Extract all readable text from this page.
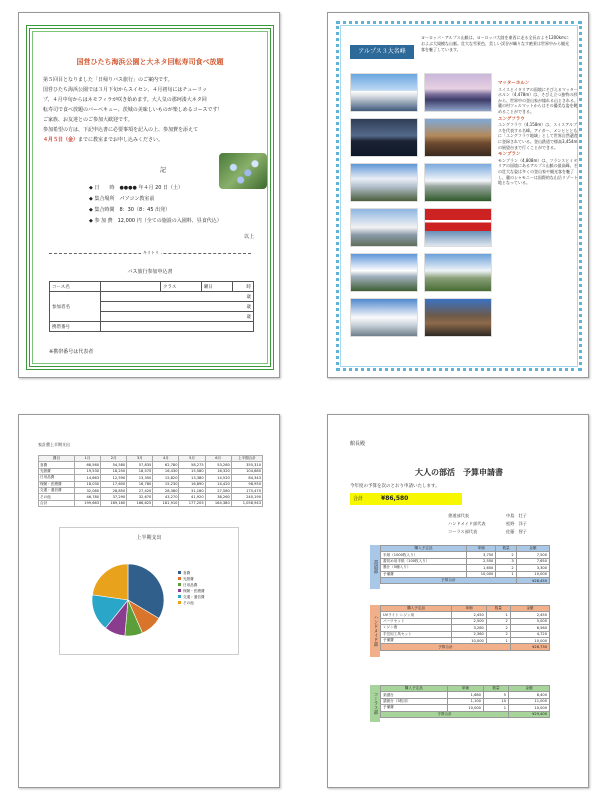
国営ひたち海浜公園と大ネタ回転寿司食べ放題
第５回目となりました「日帰りバス旅行」のご案内です。
国営ひたち海浜公園では３月下旬からスイセン、４月初旬にはチューリッ
プ、４月中旬からはネモフィラが咲き始めます。大人気の那珂湊大ネタ回
転寿司で食べ放題のバーベキュー、茨城の美味しいものが楽しめるコースです！
ご家族、お友達とのご参加大歓迎です。
参加希望の方は、下記申込書に必要事項を記入の上、参加費を添えて
４月５日（金）までに教室までお申し込みください。
記
◆ 日　　時　●●●● 年４月 20 日（土）
◆ 集合場所　パソコン教室前
◆ 集合時間　8：30（8：45 出発）
◆ 参 加 費　12,000 円（全ての施設の入園料、昼食代込）
以上
キリトリ
バス旅行参加申込書
コース名		クラス	曜日	時
参加者名	歳			
	歳			
	歳			
携帯番号				
※携帯番号は代表者
アルプス３大名峰
ヨーロッパ・アルプス山脈は、ヨーロッパ大陸を東西に走る全長およそ1200kmにおよぶ大規模な山脈。壮大な雪景色、美しい渓谷が織りなす絶景は世界中から観光客を魅了しています。
マッターホルン

スイスとイタリアの国境にそびえるマッターホルン（4,478m）は、そびえ立つ独特の形から、世界中の登山家が憧れる山とされる。麓の村ツェルマットからはその優美な姿を眺めることができる。

ユングフラウ

ユングフラウ（4,158m）は、スイスアルプスを代表する名峰。アイガー、メンヒとともに「ユングフラウ地域」として世界自然遺産に登録されている。登山鉄道で標高3,454mの展望台まで行くことができる。

モンブラン

モンブラン（4,808m）は、フランスとイタリアの国境にあるアルプス山脈の最高峰。その壮大な姿は多くの登山家や観光客を魅了し、麓のシャモニーは国際的な山岳リゾート地となっている。

家計費上半期支出
費目	1月	2月	3月	4月	5月	6月	上半期合計
食費	68,560	54,580	57,835	62,780	58,275	53,280	355,310
光熱費	19,530	18,250	18,570	16,430	15,580	16,320	104,680
日用品費	14,663	12,590	13,350	15,820	13,380	14,520	84,343
保険・医療費	18,030	17,600	16,780	15,230	16,890	14,420	98,950
交通・通信費	32,080	28,850	27,420	28,380	31,160	27,580	175,470
その他	46,780	37,290	32,670	43,270	41,920	38,260	240,190
合計	199,663	169,160	166,625	181,910	177,205	164,380	1,058,943
上半期支出
食費
光熱費
日用品費
保険・医療費
交通・通信費
その他
館長殿
大人の部活　予算申請書
今年度の予算を次のとおり申請いたします。
合計	¥86,580
書道部代表	中島　壮子
ハンドメイド部代表	松野　洋子
コーラス部代表	佐藤　智子
書道部
購入予定品	単価	数量	金額
半紙（1000枚入り）	3,750	2	7,500
書初め用半紙（100枚入り）	2,550	3	7,650
墨汁（5種入り）	1,650	2	3,300
予備費	10,000	1	10,000
予算合計			¥28,450
ハンドメイド部
購入予定品	単価	数量	金額
UVライト レジン用	2,450	1	2,450
パーツセット	2,500	2	5,000
レジン液	3,280	2	6,560
手芸用工具セット	2,360	2	4,720
予備費	10,000	1	10,000
予算合計			¥28,730
コーラス部
購入予定品	単価	数量	金額
楽譜台	1,680	5	8,400
譜面台（3枚用）	1,100	10	11,000
予備費	10,000	1	10,000
予算合計			¥29,400
